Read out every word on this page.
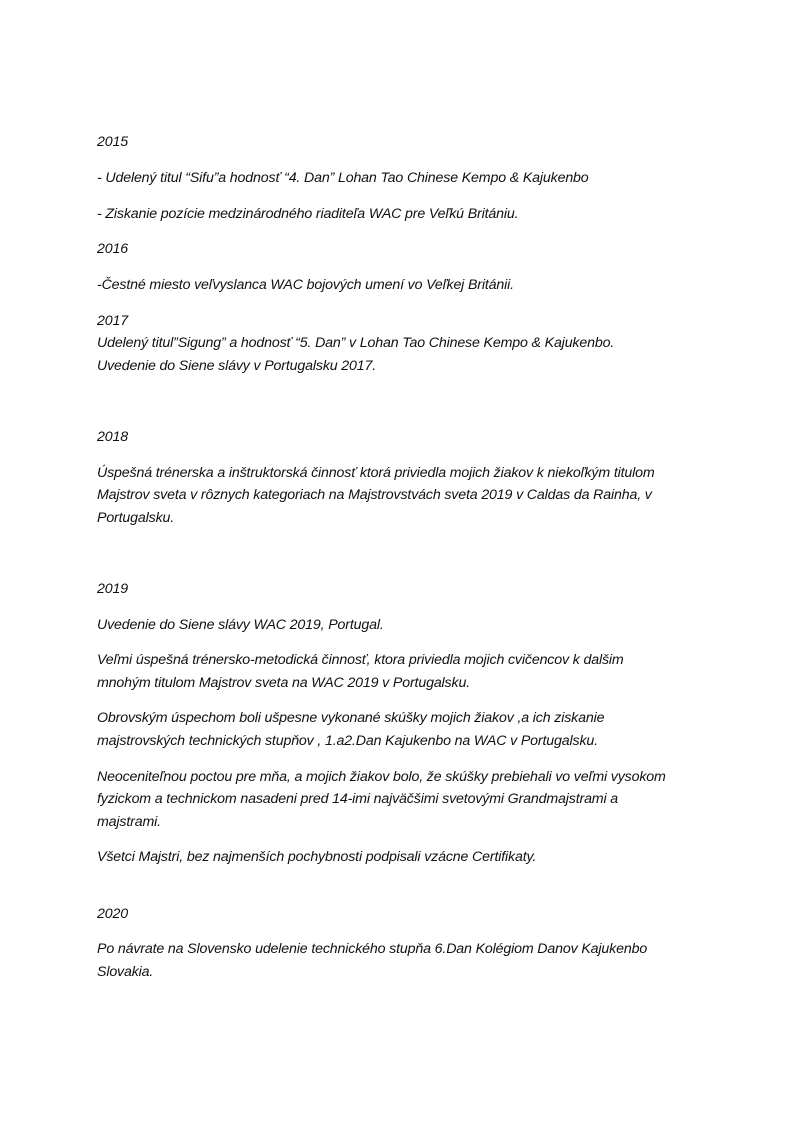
2015
- Udelený titul “Sifu”a hodnosť “4. Dan” Lohan Tao Chinese Kempo & Kajukenbo
- Ziskanie pozície medzinárodného riaditeľa WAC pre Veľkú Britániu.
2016
-Čestné miesto veľvyslanca WAC bojových umení vo Veľkej Británii.
2017
Udelený titul”Sigung” a hodnosť “5. Dan” v Lohan Tao Chinese Kempo & Kajukenbo.
Uvedenie do Siene slávy v Portugalsku 2017.
2018
Úspešná trénerska a inštruktorská činnosť ktorá priviedla mojich žiakov k niekoľkým titulom
Majstrov sveta v rôznych kategoriach na Majstrovstvách sveta 2019 v Caldas da Rainha, v
Portugalsku.
2019
Uvedenie do Siene slávy WAC 2019, Portugal.
Veľmi úspešná trénersko-metodická činnosť, ktora priviedla mojich cvičencov k dalšim
mnohým titulom Majstrov sveta na WAC 2019 v Portugalsku.
Obrovským úspechom boli ušpesne vykonané skúšky mojich žiakov ,a ich ziskanie
majstrovských technických stupňov , 1.a2.Dan Kajukenbo na WAC v Portugalsku.
Neoceniteľnou poctou pre mňa, a mojich žiakov bolo, že skúšky prebiehali vo veľmi vysokom
fyzickom a technickom nasadeni pred 14-imi najväčšimi svetovými Grandmajstrami a
majstrami.
Všetci Majstri, bez najmenších pochybnosti podpisali vzácne Certifikaty.
2020
Po návrate na Slovensko udelenie technického stupňa 6.Dan Kolégiom Danov Kajukenbo
Slovakia.
